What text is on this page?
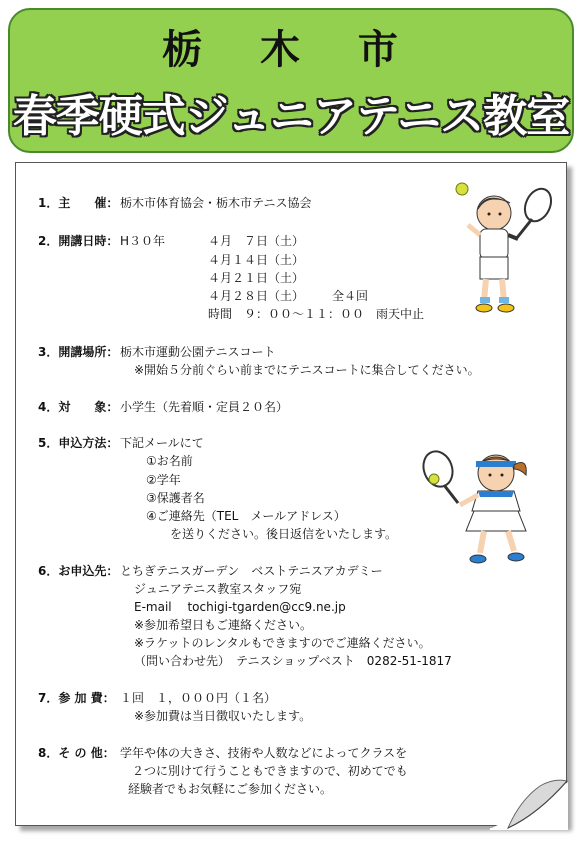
栃 木 市
春季硬式ジュニアテニス教室
1．主　　催： 栃木市体育協会・栃木市テニス協会
2．開講日時： H３０年	４月　７日（土）
４月１４日（土）
４月２１日（土）
４月２８日（土） 全４回
時間　９：００～１１：００　雨天中止
3．開講場所： 栃木市運動公園テニスコート
※開始５分前ぐらい前までにテニスコートに集合してください。
4．対　　象： 小学生（先着順・定員２０名）
5．申込方法： 下記メールにて
①お名前
②学年
③保護者名
④ご連絡先（TEL　メールアドレス）
を送りください。後日返信をいたします。
6．お申込先： とちぎテニスガーデン　ベストテニスアカデミー
ジュニアテニス教室スタッフ宛
E-mail　 tochigi-tgarden@cc9.ne.jp
※参加希望日もご連絡ください。
※ラケットのレンタルもできますのでご連絡ください。
（問い合わせ先）　テニスショップベスト　0282-51-1817
7．参 加 費： １回　１，０００円（１名）
※参加費は当日徴収いたします。
8．そ の 他： 学年や体の大きさ、技術や人数などによってクラスを
２つに別けて行うこともできますので、初めてでも
経験者でもお気軽にご参加ください。
